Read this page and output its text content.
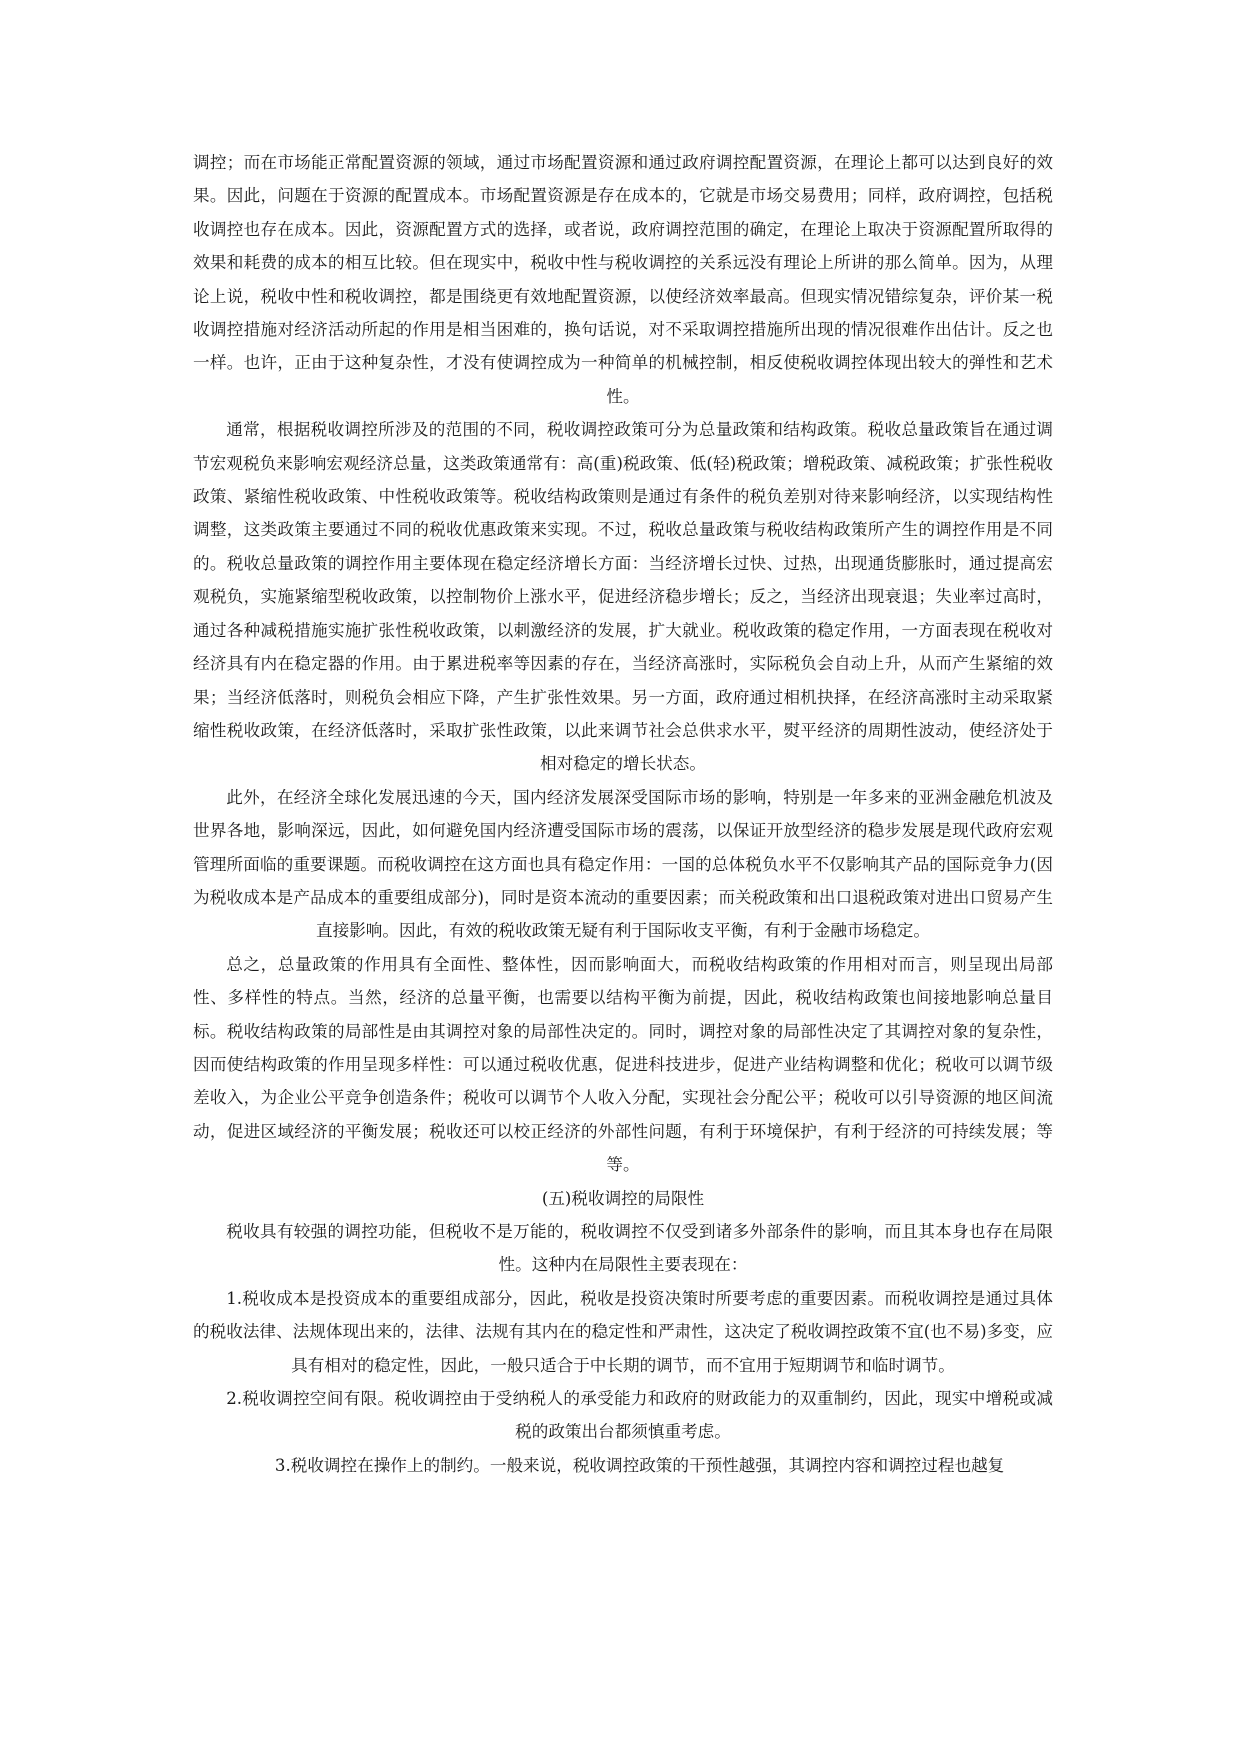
调控；而在市场能正常配置资源的领域，通过市场配置资源和通过政府调控配置资源，在理论上都可以达到良好的效果。因此，问题在于资源的配置成本。市场配置资源是存在成本的，它就是市场交易费用；同样，政府调控，包括税收调控也存在成本。因此，资源配置方式的选择，或者说，政府调控范围的确定，在理论上取决于资源配置所取得的效果和耗费的成本的相互比较。但在现实中，税收中性与税收调控的关系远没有理论上所讲的那么简单。因为，从理论上说，税收中性和税收调控，都是围绕更有效地配置资源，以使经济效率最高。但现实情况错综复杂，评价某一税收调控措施对经济活动所起的作用是相当困难的，换句话说，对不采取调控措施所出现的情况很难作出估计。反之也一样。也许，正由于这种复杂性，才没有使调控成为一种简单的机械控制，相反使税收调控体现出较大的弹性和艺术性。

通常，根据税收调控所涉及的范围的不同，税收调控政策可分为总量政策和结构政策。税收总量政策旨在通过调节宏观税负来影响宏观经济总量，这类政策通常有：高(重)税政策、低(轻)税政策；增税政策、减税政策；扩张性税收政策、紧缩性税收政策、中性税收政策等。税收结构政策则是通过有条件的税负差别对待来影响经济，以实现结构性调整，这类政策主要通过不同的税收优惠政策来实现。不过，税收总量政策与税收结构政策所产生的调控作用是不同的。税收总量政策的调控作用主要体现在稳定经济增长方面：当经济增长过快、过热，出现通货膨胀时，通过提高宏观税负，实施紧缩型税收政策，以控制物价上涨水平，促进经济稳步增长；反之，当经济出现衰退；失业率过高时，通过各种减税措施实施扩张性税收政策，以刺激经济的发展，扩大就业。税收政策的稳定作用，一方面表现在税收对经济具有内在稳定器的作用。由于累进税率等因素的存在，当经济高涨时，实际税负会自动上升，从而产生紧缩的效果；当经济低落时，则税负会相应下降，产生扩张性效果。另一方面，政府通过相机抉择，在经济高涨时主动采取紧缩性税收政策，在经济低落时，采取扩张性政策，以此来调节社会总供求水平，熨平经济的周期性波动，使经济处于相对稳定的增长状态。

此外，在经济全球化发展迅速的今天，国内经济发展深受国际市场的影响，特别是一年多来的亚洲金融危机波及世界各地，影响深远，因此，如何避免国内经济遭受国际市场的震荡，以保证开放型经济的稳步发展是现代政府宏观管理所面临的重要课题。而税收调控在这方面也具有稳定作用：一国的总体税负水平不仅影响其产品的国际竞争力(因为税收成本是产品成本的重要组成部分)，同时是资本流动的重要因素；而关税政策和出口退税政策对进出口贸易产生直接影响。因此，有效的税收政策无疑有利于国际收支平衡，有利于金融市场稳定。

总之，总量政策的作用具有全面性、整体性，因而影响面大，而税收结构政策的作用相对而言，则呈现出局部性、多样性的特点。当然，经济的总量平衡，也需要以结构平衡为前提，因此，税收结构政策也间接地影响总量目标。税收结构政策的局部性是由其调控对象的局部性决定的。同时，调控对象的局部性决定了其调控对象的复杂性，因而使结构政策的作用呈现多样性：可以通过税收优惠，促进科技进步，促进产业结构调整和优化；税收可以调节级差收入，为企业公平竞争创造条件；税收可以调节个人收入分配，实现社会分配公平；税收可以引导资源的地区间流动，促进区域经济的平衡发展；税收还可以校正经济的外部性问题，有利于环境保护，有利于经济的可持续发展；等等。

(五)税收调控的局限性

税收具有较强的调控功能，但税收不是万能的，税收调控不仅受到诸多外部条件的影响，而且其本身也存在局限性。这种内在局限性主要表现在：

1.税收成本是投资成本的重要组成部分，因此，税收是投资决策时所要考虑的重要因素。而税收调控是通过具体的税收法律、法规体现出来的，法律、法规有其内在的稳定性和严肃性，这决定了税收调控政策不宜(也不易)多变，应具有相对的稳定性，因此，一般只适合于中长期的调节，而不宜用于短期调节和临时调节。

2.税收调控空间有限。税收调控由于受纳税人的承受能力和政府的财政能力的双重制约，因此，现实中增税或减税的政策出台都须慎重考虑。

3.税收调控在操作上的制约。一般来说，税收调控政策的干预性越强，其调控内容和调控过程也越复
